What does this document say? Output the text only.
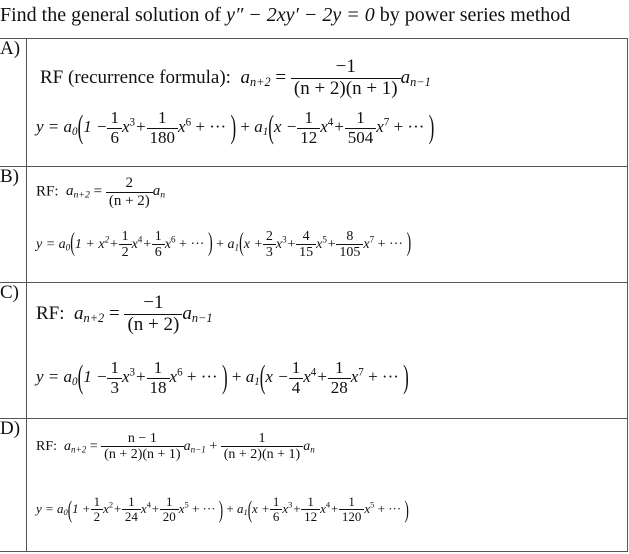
Find the general solution of y″ − 2xy′ − 2y = 0 by power series method
A)
RF (recurrence formula): $a_{n+2} = \frac{-1}{(n + 2)(n + 1)} a_{n-1}$
$y = a_0(1 - \frac{1}{6} x^3+ \frac{1}{180} x^6$ + ··· ) + $a_1(x - \frac{1}{12} x^4+ \frac{1}{504} x^7$ + ··· )
B)
RF: $a_{n+2} = \frac{2}{(n + 2)} a_n$
$y = a_0(1 + x^2+ \frac{1}{2} x^4+ \frac{1}{6} x^6$ + ··· ) + $a_1(x + \frac{2}{3} x^3+ \frac{4}{15} x^5+ \frac{8}{105} x^7$ + ··· )
C)
RF: $a_{n+2} = \frac{-1}{(n + 2)} a_{n-1}$
$y = a_0(1 - \frac{1}{3} x^3+ \frac{1}{18} x^6$ + ··· ) + $a_1(x - \frac{1}{4} x^4+ \frac{1}{28} x^7$ + ··· )
D)
RF: $a_{n+2} = \frac{n - 1}{(n + 2)(n + 1)} a_{n-1} + \frac{1}{(n + 2)(n + 1)} a_n$
$y = a_0(1 + \frac{1}{2} x^2+ \frac{1}{24} x^4+ \frac{1}{20} x^5$ + ··· ) + $a_1(x + \frac{1}{6} x^3+ \frac{1}{12} x^4+ \frac{1}{120} x^5$ + ··· )
